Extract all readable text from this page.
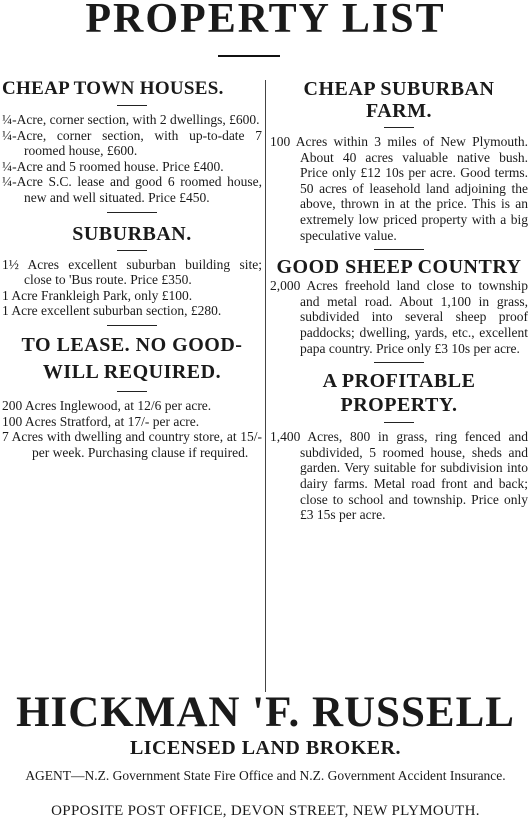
PROPERTY LIST
CHEAP TOWN HOUSES.

¼-Acre, corner section, with 2 dwellings, £600.

¼-Acre, corner section, with up-to-date 7 roomed house, £600.

¼-Acre and 5 roomed house. Price £400.

¼-Acre S.C. lease and good 6 roomed house, new and well situated. Price £450.

SUBURBAN.

1½ Acres excellent suburban building site; close to 'Bus route. Price £350.

1 Acre Frankleigh Park, only £100.

1 Acre excellent suburban section, £280.

TO LEASE. NO GOOD-WILL REQUIRED.

200 Acres Inglewood, at 12/6 per acre.

100 Acres Stratford, at 17/- per acre.

7 Acres with dwelling and country store, at 15/- per week. Purchasing clause if required.

CHEAP SUBURBAN FARM.

100 Acres within 3 miles of New Plymouth. About 40 acres valuable native bush. Price only £12 10s per acre. Good terms. 50 acres of leasehold land adjoining the above, thrown in at the price. This is an extremely low priced property with a big speculative value.

GOOD SHEEP COUNTRY

2,000 Acres freehold land close to township and metal road. About 1,100 in grass, subdivided into several sheep proof paddocks; dwelling, yards, etc., excellent papa country. Price only £3 10s per acre.

A PROFITABLE PROPERTY.

1,400 Acres, 800 in grass, ring fenced and subdivided, 5 roomed house, sheds and garden. Very suitable for subdivision into dairy farms. Metal road front and back; close to school and township. Price only £3 15s per acre.

HICKMAN 'F. RUSSELL
LICENSED LAND BROKER.
AGENT—N.Z. Government State Fire Office and N.Z. Government Accident Insurance.
OPPOSITE POST OFFICE, DEVON STREET, NEW PLYMOUTH.
